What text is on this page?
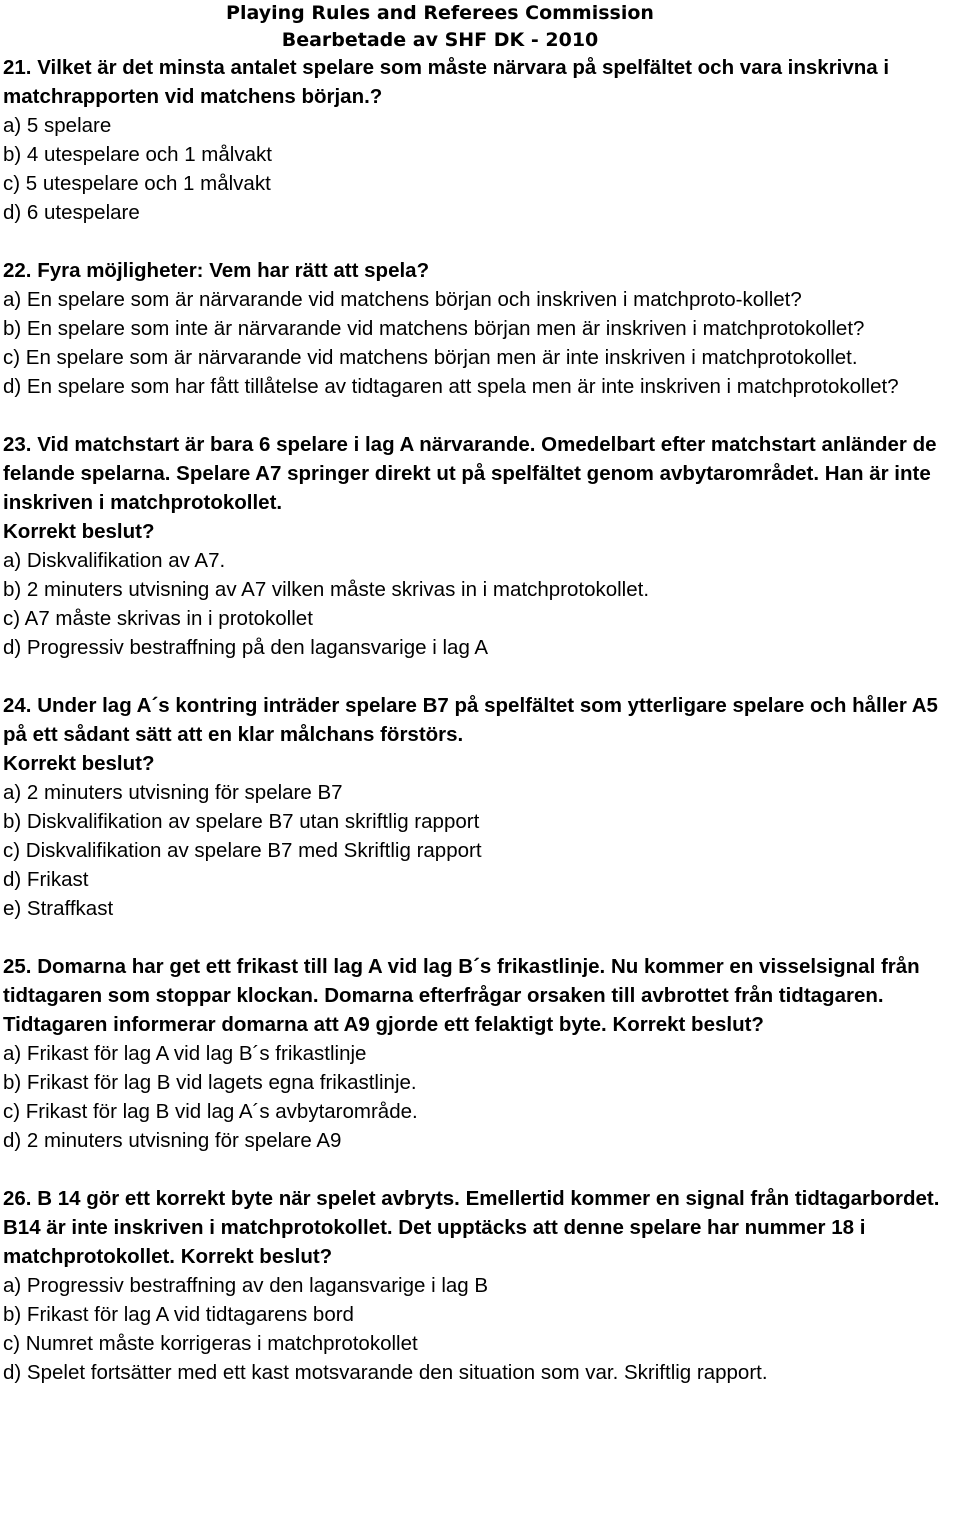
Playing Rules and Referees Commission
Bearbetade av SHF DK - 2010
21. Vilket är det minsta antalet spelare som måste närvara på spelfältet och vara inskrivna i matchrapporten vid matchens början.?
a) 5 spelare
b) 4 utespelare och 1 målvakt
c) 5 utespelare och 1 målvakt
d) 6 utespelare
22. Fyra möjligheter: Vem har rätt att spela?
a) En spelare som är närvarande vid matchens början och inskriven i matchproto-kollet?
b) En spelare som inte är närvarande vid matchens början men är inskriven i matchprotokollet?
c) En spelare som är närvarande vid matchens början men är inte inskriven i matchprotokollet.
d) En spelare som har fått tillåtelse av tidtagaren att spela men är inte inskriven i matchprotokollet?
23. Vid matchstart är bara 6 spelare i lag A närvarande. Omedelbart efter matchstart anländer de felande spelarna. Spelare A7 springer direkt ut på spelfältet genom avbytarområdet. Han är inte inskriven i matchprotokollet.
Korrekt beslut?
a) Diskvalifikation av A7.
b) 2 minuters utvisning av A7 vilken måste skrivas in i matchprotokollet.
c) A7 måste skrivas in i protokollet
d) Progressiv bestraffning på den lagansvarige i lag A
24. Under lag A´s kontring inträder spelare B7 på spelfältet som ytterligare spelare och håller A5 på ett sådant sätt att en klar målchans förstörs.
Korrekt beslut?
a) 2 minuters utvisning för spelare B7
b) Diskvalifikation av spelare B7 utan skriftlig rapport
c) Diskvalifikation av spelare B7 med Skriftlig rapport
d) Frikast
e) Straffkast
25. Domarna har get ett frikast till lag A vid lag B´s frikastlinje. Nu kommer en visselsignal från tidtagaren som stoppar klockan. Domarna efterfrågar orsaken till avbrottet från tidtagaren. Tidtagaren informerar domarna att A9 gjorde ett felaktigt byte. Korrekt beslut?
a) Frikast för lag A vid lag B´s frikastlinje
b) Frikast för lag B vid lagets egna frikastlinje.
c) Frikast för lag B vid lag A´s avbytarområde.
d) 2 minuters utvisning för spelare A9
26. B 14 gör ett korrekt byte när spelet avbryts. Emellertid kommer en signal från tidtagarbordet. B14 är inte inskriven i matchprotokollet. Det upptäcks att denne spelare har nummer 18 i matchprotokollet. Korrekt beslut?
a) Progressiv bestraffning av den lagansvarige i lag B
b) Frikast för lag A vid tidtagarens bord
c) Numret måste korrigeras i matchprotokollet
d) Spelet fortsätter med ett kast motsvarande den situation som var. Skriftlig rapport.
